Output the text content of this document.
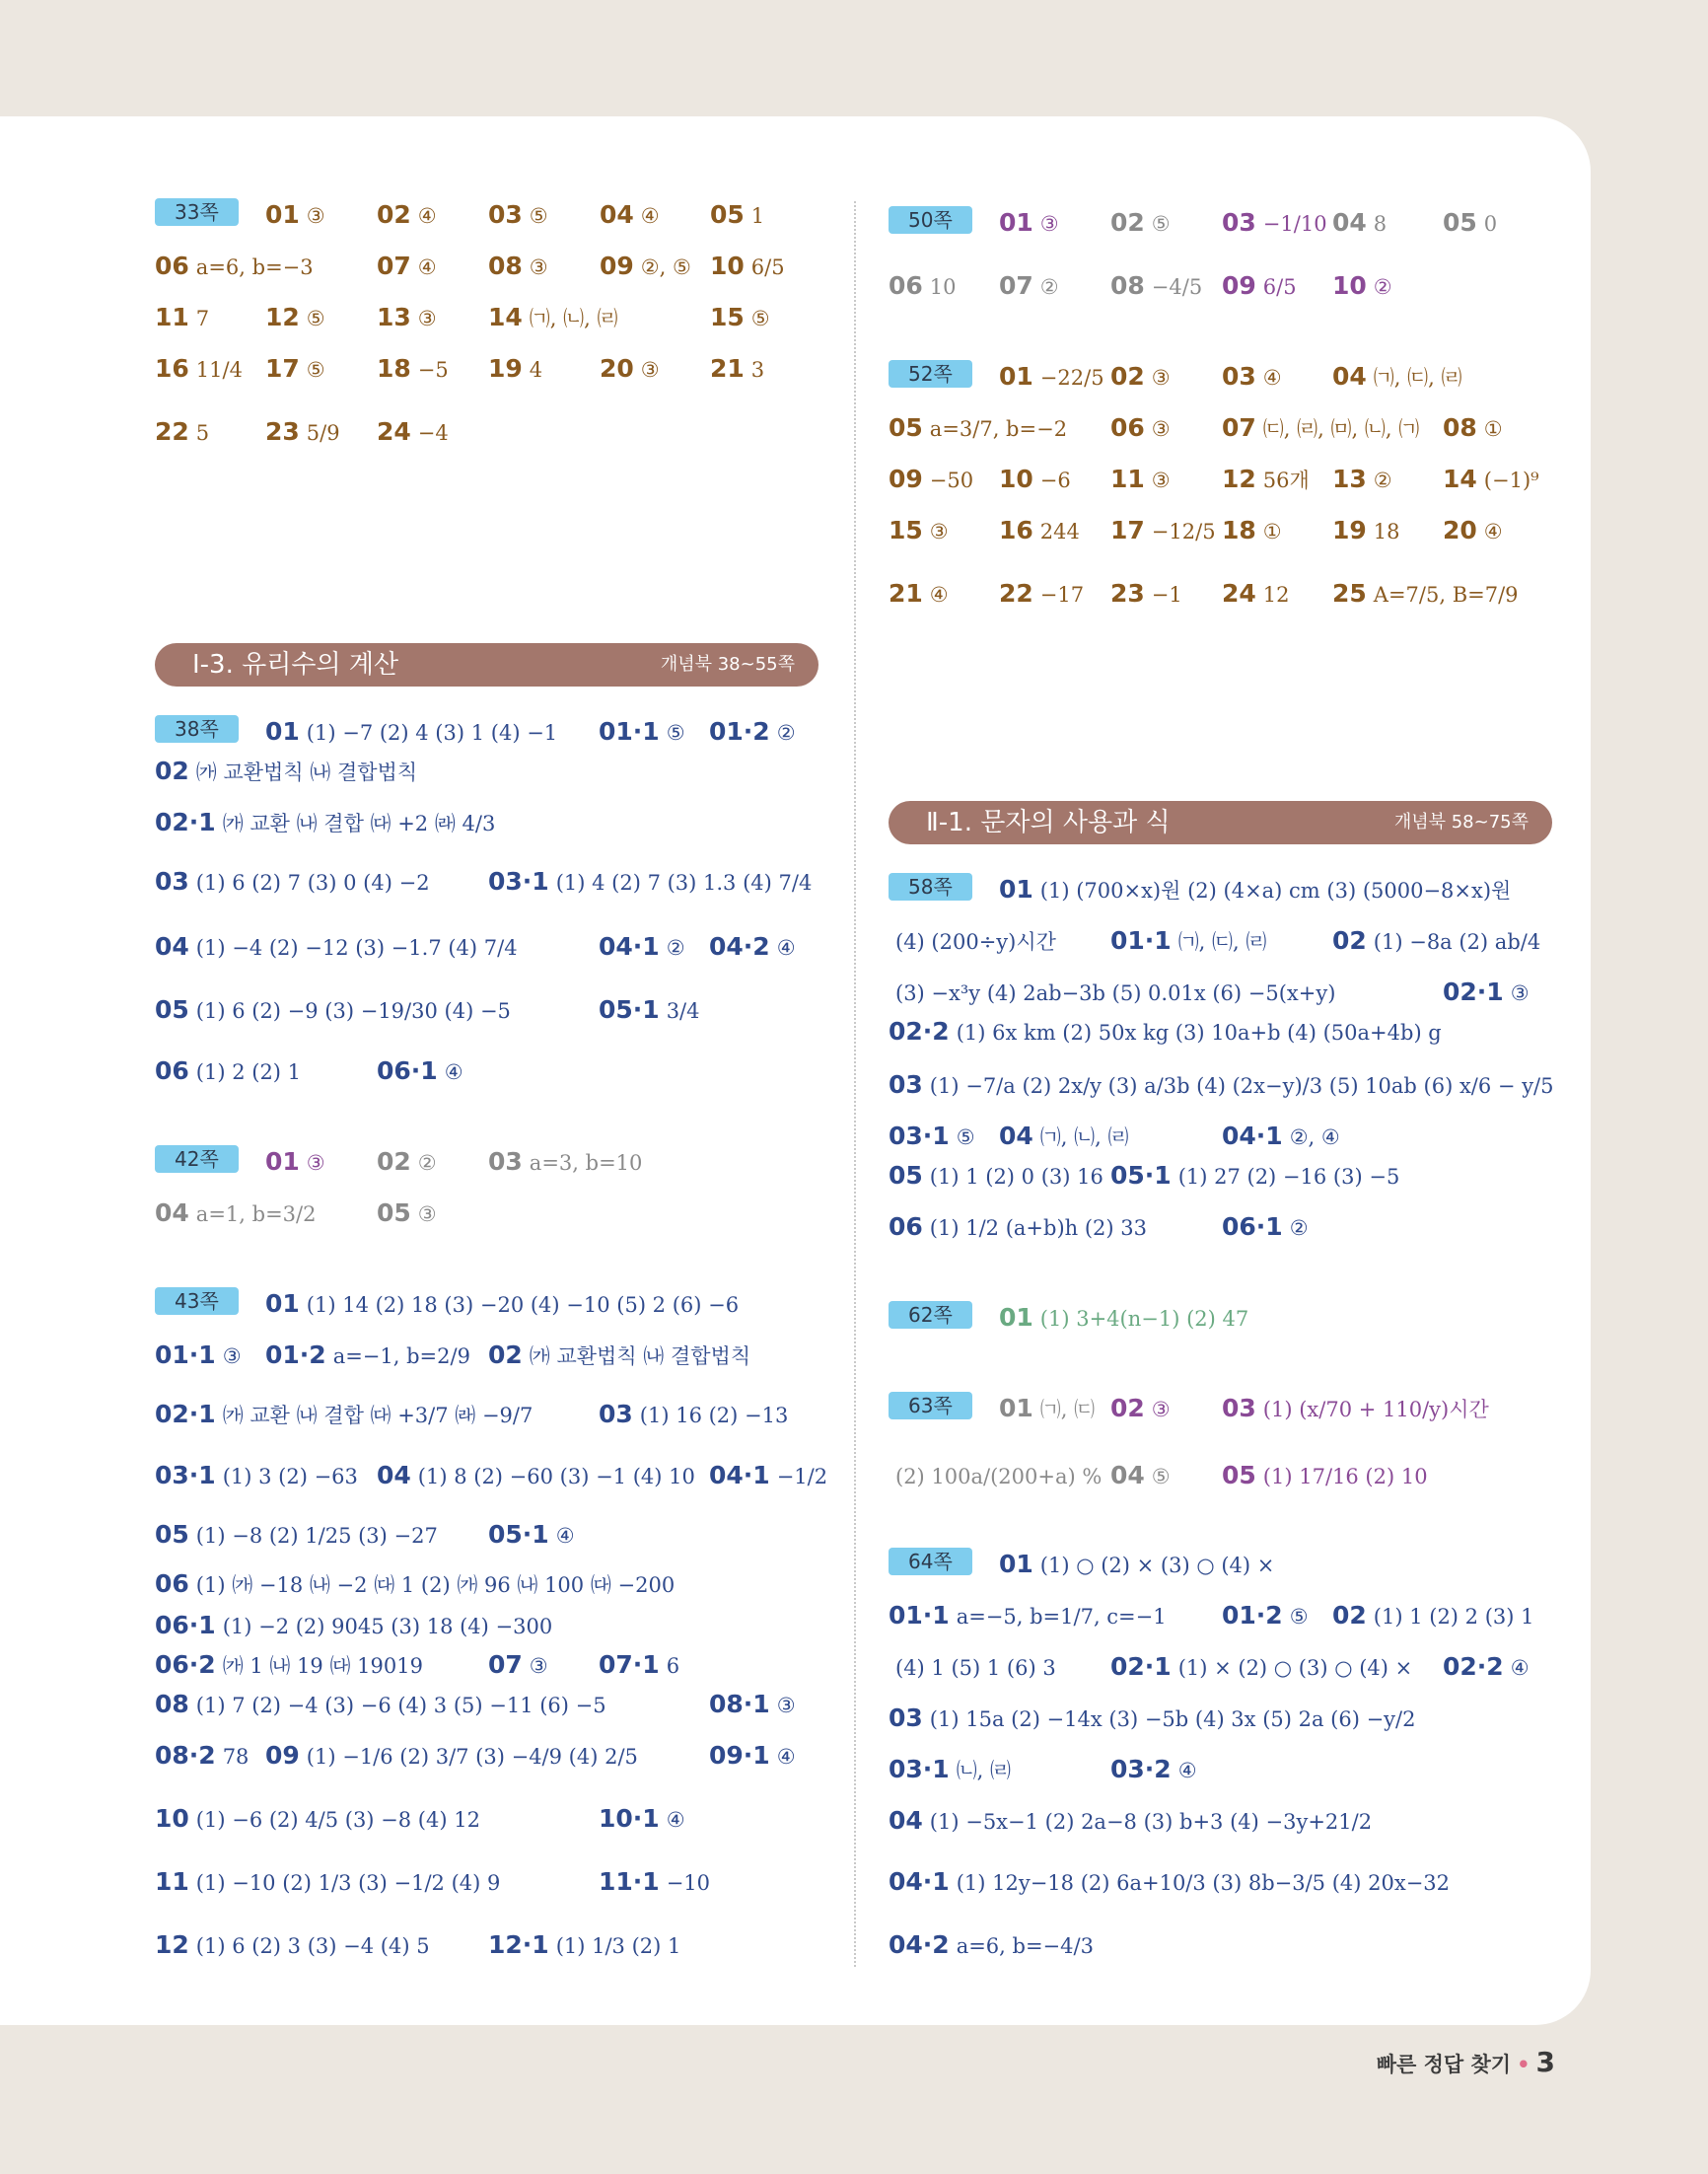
Ⅰ-3. 유리수의 계산	개념북 38~55쪽
Ⅱ-1. 문자의 사용과 식	개념북 58~75쪽
33쪽	01 ③ 02 ④ 03 ⑤ 04 ④ 05 1
06 a=6, b=−3	07 ④ 08 ③ 09 ②, ⑤ 10 6/5
11 7 12 ⑤ 13 ③ 14 ㈀, ㈁, ㈃	15 ⑤
16 11/4 17 ⑤ 18 −5 19 4 20 ③ 21 3
22 5 23 5/9 24 −4
38쪽	01 (1) −7 (2) 4 (3) 1 (4) −1 01·1 ⑤ 01·2 ②
02 ㈎ 교환법칙 ㈏ 결합법칙
02·1 ㈎ 교환 ㈏ 결합 ㈐ +2 ㈑ 4/3
03 (1) 6 (2) 7 (3) 0 (4) −2 03·1 (1) 4 (2) 7 (3) 1.3 (4) 7/4
04 (1) −4 (2) −12 (3) −1.7 (4) 7/4	04·1 ② 04·2 ④
05 (1) 6 (2) −9 (3) −19/30 (4) −5	05·1 3/4
06 (1) 2 (2) 1	06·1 ④
42쪽	01 ③ 02 ② 03 a=3, b=10
04 a=1, b=3/2 05 ③
43쪽	01 (1) 14 (2) 18 (3) −20 (4) −10 (5) 2 (6) −6
01·1 ③ 01·2 a=−1, b=2/9 02 ㈎ 교환법칙 ㈏ 결합법칙
02·1 ㈎ 교환 ㈏ 결합 ㈐ +3/7 ㈑ −9/7	03 (1) 16 (2) −13
03·1 (1) 3 (2) −63 04 (1) 8 (2) −60 (3) −1 (4) 10 04·1 −1/2
05 (1) −8 (2) 1/25 (3) −27 05·1 ④
06 (1) ㈎ −18 ㈏ −2 ㈐ 1 (2) ㈎ 96 ㈏ 100 ㈐ −200
06·1 (1) −2 (2) 9045 (3) 18 (4) −300
06·2 ㈎ 1 ㈏ 19 ㈐ 19019	07 ③ 07·1 6
08 (1) 7 (2) −4 (3) −6 (4) 3 (5) −11 (6) −5	08·1 ③
08·2 78 09 (1) −1/6 (2) 3/7 (3) −4/9 (4) 2/5	09·1 ④
10 (1) −6 (2) 4/5 (3) −8 (4) 12	10·1 ④
11 (1) −10 (2) 1/3 (3) −1/2 (4) 9	11·1 −10
12 (1) 6 (2) 3 (3) −4 (4) 5 12·1 (1) 1/3 (2) 1
50쪽	01 ③ 02 ⑤ 03 −1/10 04 8 05 0
06 10 07 ② 08 −4/5 09 6/5 10 ②
52쪽	01 −22/5 02 ③ 03 ④ 04 ㈀, ㈂, ㈃
05 a=3/7, b=−2 06 ③ 07 ㈂, ㈃, ㈄, ㈁, ㈀ 08 ①
09 −50 10 −6 11 ③ 12 56개 13 ② 14 (−1)⁹
15 ③ 16 244 17 −12/5 18 ① 19 18 20 ④
21 ④ 22 −17 23 −1 24 12 25 A=7/5, B=7/9
58쪽	01 (1) (700×x)원 (2) (4×a) cm (3) (5000−8×x)원
(4) (200÷y)시간 01·1 ㈀, ㈂, ㈃	02 (1) −8a (2) ab/4
(3) −x³y (4) 2ab−3b (5) 0.01x (6) −5(x+y)	02·1 ③
02·2 (1) 6x km (2) 50x kg (3) 10a+b (4) (50a+4b) g
03 (1) −7/a (2) 2x/y (3) a/3b (4) (2x−y)/3 (5) 10ab (6) x/6 − y/5
03·1 ⑤ 04 ㈀, ㈁, ㈃	04·1 ②, ④
05 (1) 1 (2) 0 (3) 16 05·1 (1) 27 (2) −16 (3) −5
06 (1) 1/2 (a+b)h (2) 33	06·1 ②
62쪽	01 (1) 3+4(n−1) (2) 47
63쪽	01 ㈀, ㈂ 02 ③ 03 (1) (x/70 + 110/y)시간
(2) 100a/(200+a) % 04 ⑤ 05 (1) 17/16 (2) 10
64쪽	01 (1) ○ (2) × (3) ○ (4) ×
01·1 a=−5, b=1/7, c=−1 01·2 ⑤ 02 (1) 1 (2) 2 (3) 1
(4) 1 (5) 1 (6) 3 02·1 (1) × (2) ○ (3) ○ (4) × 02·2 ④
03 (1) 15a (2) −14x (3) −5b (4) 3x (5) 2a (6) −y/2
03·1 ㈁, ㈃	03·2 ④
04 (1) −5x−1 (2) 2a−8 (3) b+3 (4) −3y+21/2
04·1 (1) 12y−18 (2) 6a+10/3 (3) 8b−3/5 (4) 20x−32
04·2 a=6, b=−4/3
빠른 정답 찾기 • 3
